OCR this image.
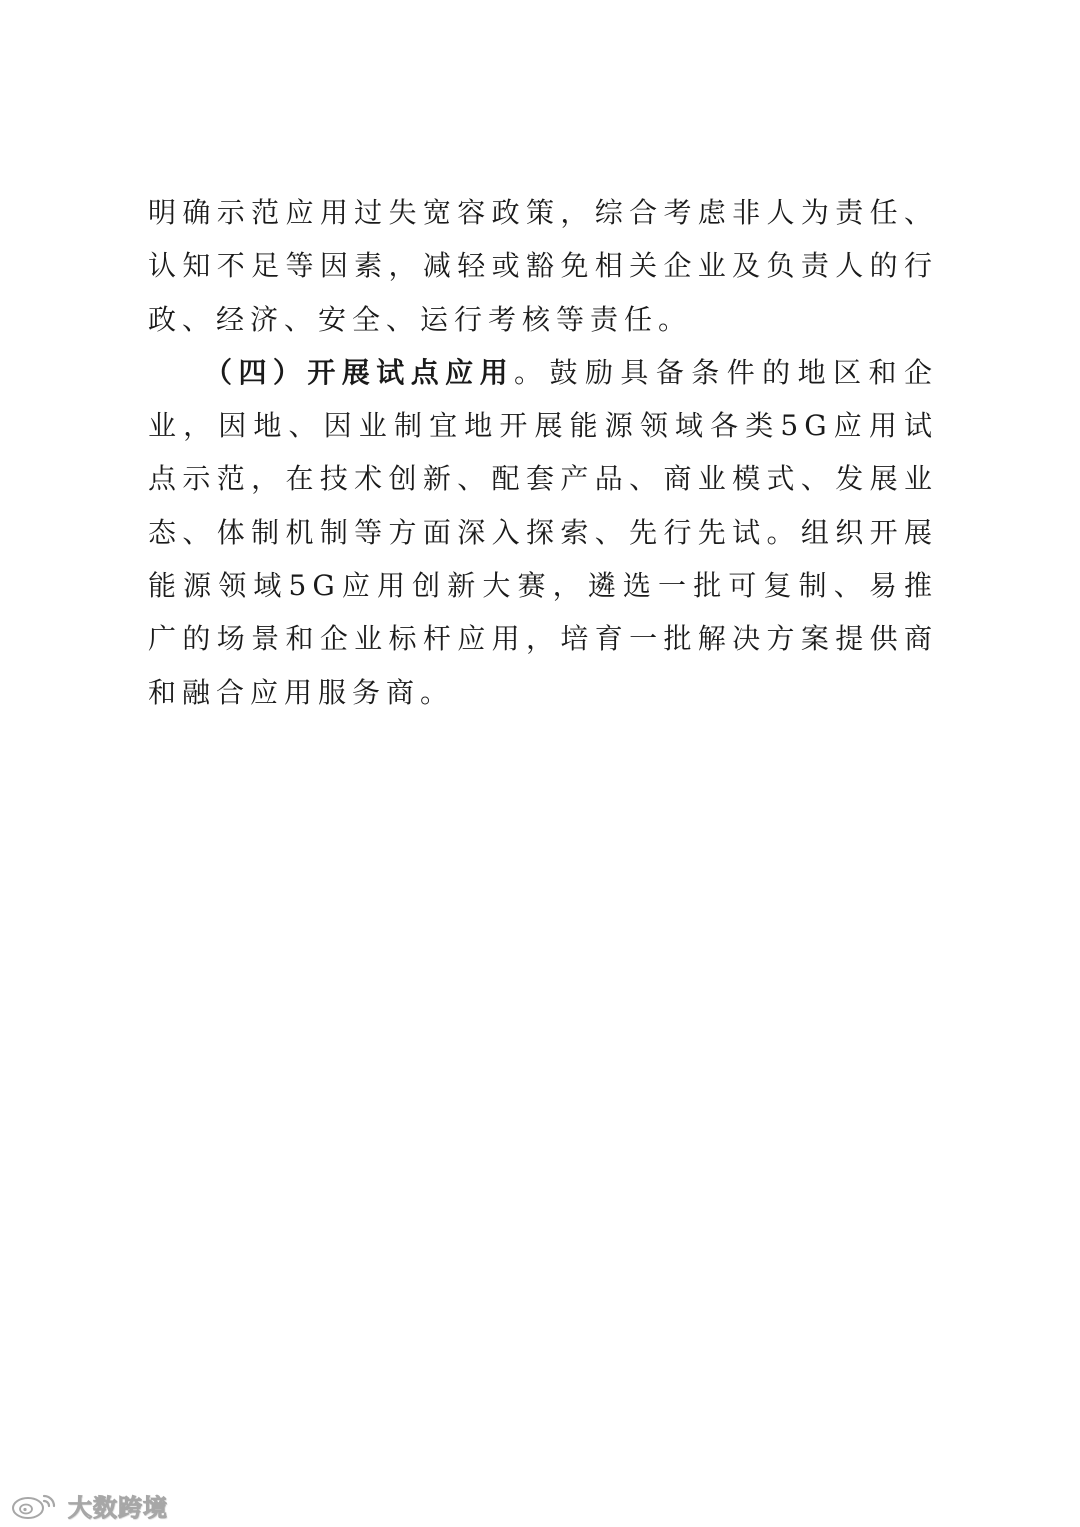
明确示范应用过失宽容政策，综合考虑非人为责任、认知不足等因素，减轻或豁免相关企业及负责人的行政、经济、安全、运行考核等责任。

（四）开展试点应用。鼓励具备条件的地区和企业，因地、因业制宜地开展能源领域各类5G应用试点示范，在技术创新、配套产品、商业模式、发展业态、体制机制等方面深入探索、先行先试。组织开展能源领域5G应用创新大赛，遴选一批可复制、易推广的场景和企业标杆应用，培育一批解决方案提供商和融合应用服务商。

大数跨境
